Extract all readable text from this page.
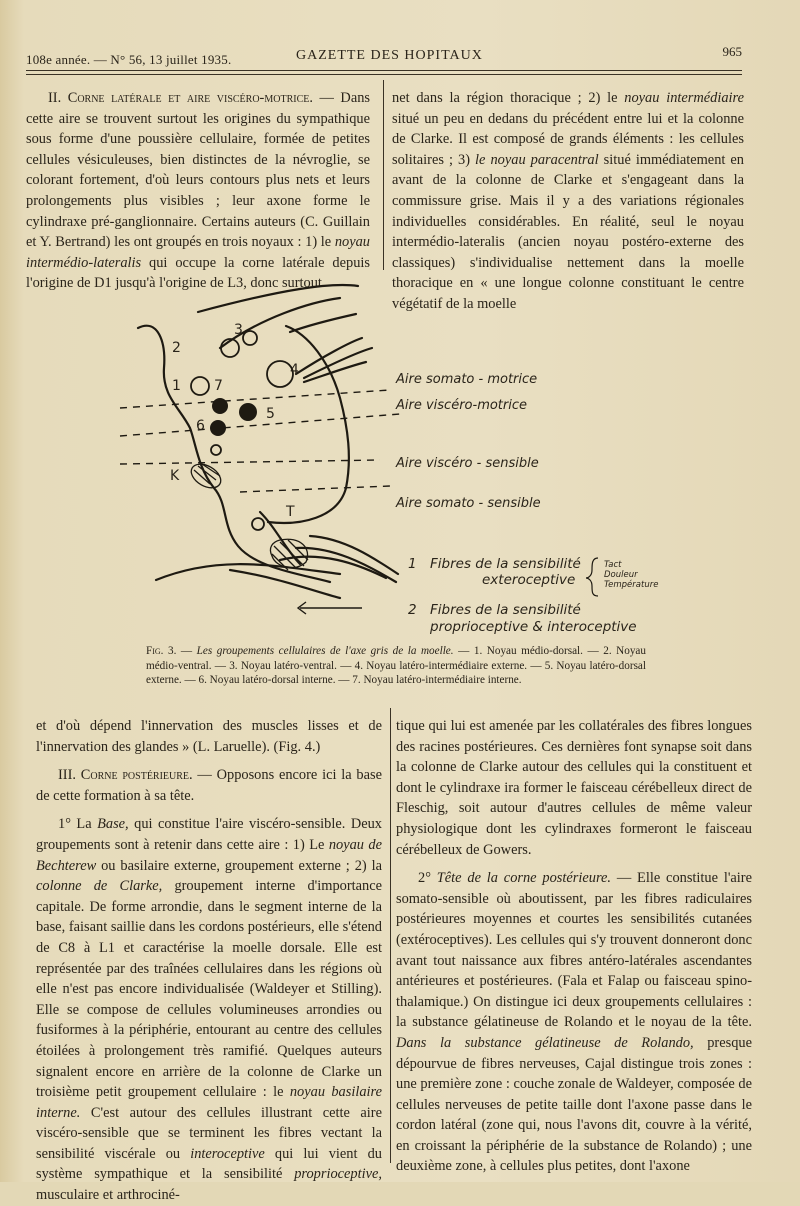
108e année. — N° 56, 13 juillet 1935.	GAZETTE DES HOPITAUX	965

II. Corne latérale et aire viscéro-motrice. — Dans cette aire se trouvent surtout les origines du sympathique sous forme d'une poussière cellulaire, formée de petites cellules vésiculeuses, bien distinctes de la névroglie, se colorant fortement, d'où leurs contours plus nets et leurs prolongements plus visibles ; leur axone forme le cylindraxe pré-ganglionnaire. Certains auteurs (C. Guillain et Y. Bertrand) les ont groupés en trois noyaux : 1) le noyau intermédio-lateralis qui occupe la corne latérale depuis l'origine de D1 jusqu'à l'origine de L3, donc surtout

net dans la région thoracique ; 2) le noyau intermédiaire situé un peu en dedans du précédent entre lui et la colonne de Clarke. Il est composé de grands éléments : les cellules solitaires ; 3) le noyau paracentral situé immédiatement en avant de la colonne de Clarke et s'engageant dans la commissure grise. Mais il y a des variations régionales individuelles considérables. En réalité, seul le noyau intermédio-lateralis (ancien noyau postéro-externe des classiques) s'individualise nettement dans la moelle thoracique en « une longue colonne constituant le centre végétatif de la moelle

2
3
1 7
4
5
6
K
T
Aire somato - motrice
Aire viscéro-motrice
Aire viscéro - sensible
Aire somato - sensible
1 Fibres de la sensibilité
exteroceptive
Tact
Douleur
Température
2 Fibres de la sensibilité
proprioceptive & interoceptive
Fig. 3. — Les groupements cellulaires de l'axe gris de la moelle. — 1. Noyau médio-dorsal. — 2. Noyau médio-ventral. — 3. Noyau latéro-ventral. — 4. Noyau latéro-intermédiaire externe. — 5. Noyau latéro-dorsal externe. — 6. Noyau latéro-dorsal interne. — 7. Noyau latéro-intermédiaire interne.

et d'où dépend l'innervation des muscles lisses et de l'innervation des glandes » (L. Laruelle). (Fig. 4.)

III. Corne postérieure. — Opposons encore ici la base de cette formation à sa tête.

1° La Base, qui constitue l'aire viscéro-sensible. Deux groupements sont à retenir dans cette aire : 1) Le noyau de Bechterew ou basilaire externe, groupement externe ; 2) la colonne de Clarke, groupement interne d'importance capitale. De forme arrondie, dans le segment interne de la base, faisant saillie dans les cordons postérieurs, elle s'étend de C8 à L1 et caractérise la moelle dorsale. Elle est représentée par des traînées cellulaires dans les régions où elle n'est pas encore individualisée (Waldeyer et Stilling). Elle se compose de cellules volumineuses arrondies ou fusiformes à la périphérie, entourant au centre des cellules étoilées à prolongement très ramifié. Quelques auteurs signalent encore en arrière de la colonne de Clarke un troisième petit groupement cellulaire : le noyau basilaire interne. C'est autour des cellules illustrant cette aire viscéro-sensible que se terminent les fibres vectant la sensibilité viscérale ou interoceptive qui lui vient du système sympathique et la sensibilité proprioceptive, musculaire et arthrociné-

tique qui lui est amenée par les collatérales des fibres longues des racines postérieures. Ces dernières font synapse soit dans la colonne de Clarke autour des cellules qui la constituent et dont le cylindraxe ira former le faisceau cérébelleux direct de Fleschig, soit autour d'autres cellules de même valeur physiologique dont les cylindraxes formeront le faisceau cérébelleux de Gowers.

2° Tête de la corne postérieure. — Elle constitue l'aire somato-sensible où aboutissent, par les fibres radiculaires postérieures moyennes et courtes les sensibilités cutanées (extéroceptives). Les cellules qui s'y trouvent donneront donc avant tout naissance aux fibres antéro-latérales ascendantes antérieures et postérieures. (Fala et Falap ou faisceau spino-thalamique.) On distingue ici deux groupements cellulaires : la substance gélatineuse de Rolando et le noyau de la tête. Dans la substance gélatineuse de Rolando, presque dépourvue de fibres nerveuses, Cajal distingue trois zones : une première zone : couche zonale de Waldeyer, composée de cellules nerveuses de petite taille dont l'axone passe dans le cordon latéral (zone qui, nous l'avons dit, couvre à la vérité, en croissant la périphérie de la substance de Rolando) ; une deuxième zone, à cellules plus petites, dont l'axone
